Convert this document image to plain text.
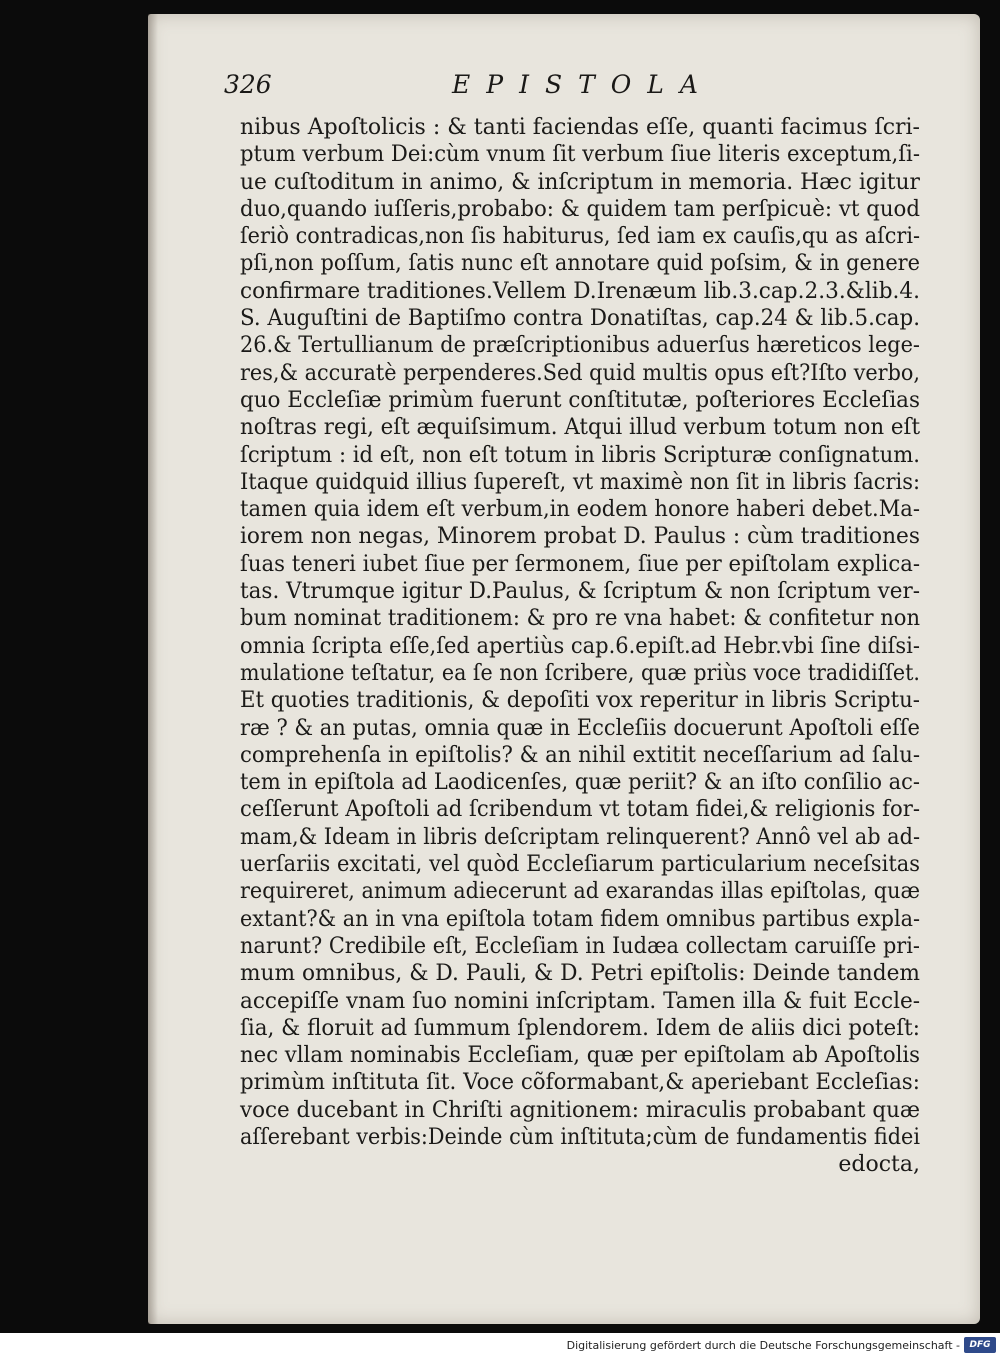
326	EPISTOLA

nibus Apoſtolicis : & tanti faciendas eſſe, quanti facimus ſcri-
ptum verbum Dei:cùm vnum ſit verbum ſiue literis exceptum,ſi-
ue cuſtoditum in animo, & inſcriptum in memoria. Hæc igitur
duo,quando iuſſeris,probabo: & quidem tam perſpicuè: vt quod
ſeriò contradicas,non ſis habiturus, ſed iam ex cauſis,qu as aſcri-
pſi,non poſſum, ſatis nunc eſt annotare quid poſsim, & in genere
confirmare traditiones.Vellem D.Irenæum lib.3.cap.2.3.&lib.4.
S. Auguſtini de Baptiſmo contra Donatiſtas, cap.24 & lib.5.cap.
26.& Tertullianum de præſcriptionibus aduerſus hæreticos lege-
res,& accuratè perpenderes.Sed quid multis opus eſt?Iſto verbo,
quo Eccleſiæ primùm fuerunt conſtitutæ, poſteriores Eccleſias
noſtras regi, eſt æquiſsimum. Atqui illud verbum totum non eſt
ſcriptum : id eſt, non eſt totum in libris Scripturæ conſignatum.
Itaque quidquid illius ſupereſt, vt maximè non ſit in libris ſacris:
tamen quia idem eſt verbum,in eodem honore haberi debet.Ma-
iorem non negas, Minorem probat D. Paulus : cùm traditiones
ſuas teneri iubet ſiue per ſermonem, ſiue per epiſtolam explica-
tas. Vtrumque igitur D.Paulus, & ſcriptum & non ſcriptum ver-
bum nominat traditionem: & pro re vna habet: & confitetur non
omnia ſcripta eſſe,ſed apertiùs cap.6.epiſt.ad Hebr.vbi ſine diſsi-
mulatione teſtatur, ea ſe non ſcribere, quæ priùs voce tradidiſſet.
Et quoties traditionis, & depoſiti vox reperitur in libris Scriptu-
ræ ? & an putas, omnia quæ in Eccleſiis docuerunt Apoſtoli eſſe
comprehenſa in epiſtolis? & an nihil extitit neceſſarium ad ſalu-
tem in epiſtola ad Laodicenſes, quæ periit? & an iſto conſilio ac-
ceſſerunt Apoſtoli ad ſcribendum vt totam fidei,& religionis for-
mam,& Ideam in libris deſcriptam relinquerent? Annô vel ab ad-
uerſariis excitati, vel quòd Eccleſiarum particularium neceſsitas
requireret, animum adiecerunt ad exarandas illas epiſtolas, quæ
extant?& an in vna epiſtola totam fidem omnibus partibus expla-
narunt? Credibile eſt, Eccleſiam in Iudæa collectam caruiſſe pri-
mum omnibus, & D. Pauli, & D. Petri epiſtolis: Deinde tandem
accepiſſe vnam ſuo nomini inſcriptam. Tamen illa & fuit Eccle-
ſia, & floruit ad ſummum ſplendorem. Idem de aliis dici poteſt:
nec vllam nominabis Eccleſiam, quæ per epiſtolam ab Apoſtolis
primùm inſtituta ſit. Voce cõformabant,& aperiebant Eccleſias:
voce ducebant in Chriſti agnitionem: miraculis probabant quæ
aſſerebant verbis:Deinde cùm inſtituta;cùm de fundamentis fidei
edocta,

Digitalisierung gefördert durch die Deutsche Forschungsgemeinschaft -	DFG
